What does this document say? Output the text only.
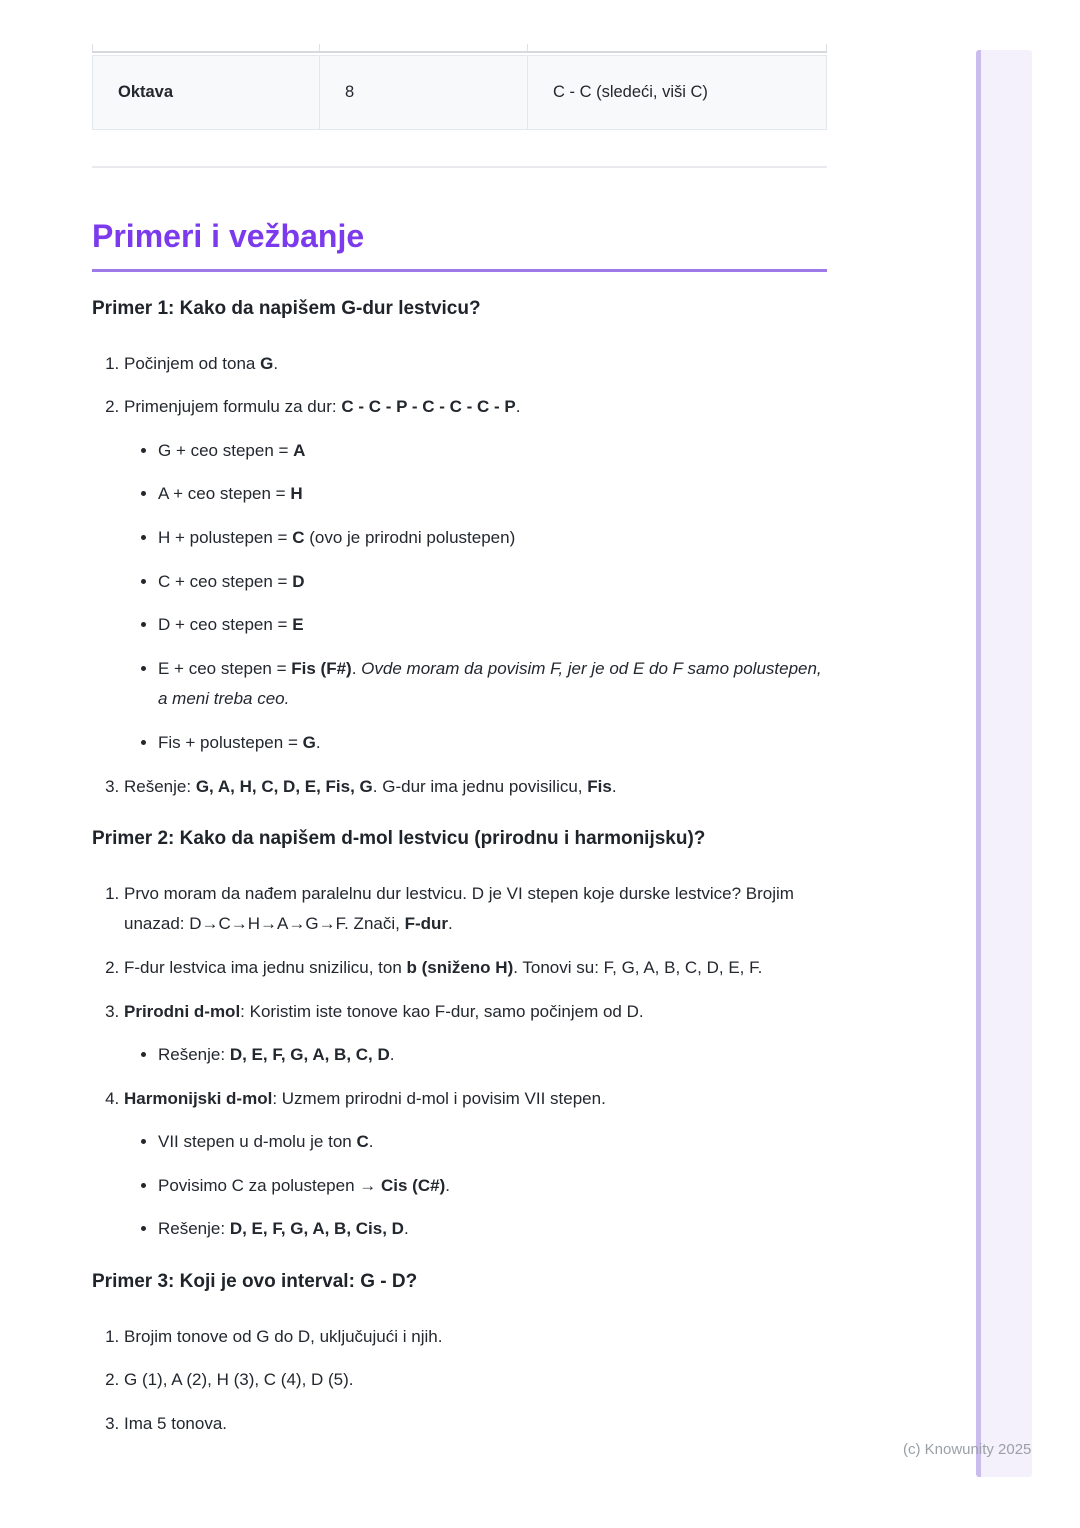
Oktava	8	C - C (sledeći, viši C)
Primeri i vežbanje
Primer 1: Kako da napišem G-dur lestvicu?
1. Počinjem od tona G.
2. Primenjujem formulu za dur: C - C - P - C - C - C - P.
• G + ceo stepen = A
• A + ceo stepen = H
• H + polustepen = C (ovo je prirodni polustepen)
• C + ceo stepen = D
• D + ceo stepen = E
• E + ceo stepen = Fis (F#). Ovde moram da povisim F, jer je od E do F samo polustepen, a meni treba ceo.
• Fis + polustepen = G.
3. Rešenje: G, A, H, C, D, E, Fis, G. G-dur ima jednu povisilicu, Fis.
Primer 2: Kako da napišem d-mol lestvicu (prirodnu i harmonijsku)?
1. Prvo moram da nađem paralelnu dur lestvicu. D je VI stepen koje durske lestvice? Brojim unazad: D→C→H→A→G→F. Znači, F-dur.
2. F-dur lestvica ima jednu snizilicu, ton b (sniženo H). Tonovi su: F, G, A, B, C, D, E, F.
3. Prirodni d-mol: Koristim iste tonove kao F-dur, samo počinjem od D.
• Rešenje: D, E, F, G, A, B, C, D.
4. Harmonijski d-mol: Uzmem prirodni d-mol i povisim VII stepen.
• VII stepen u d-molu je ton C.
• Povisimo C za polustepen → Cis (C#).
• Rešenje: D, E, F, G, A, B, Cis, D.
Primer 3: Koji je ovo interval: G - D?
1. Brojim tonove od G do D, uključujući i njih.
2. G (1), A (2), H (3), C (4), D (5).
3. Ima 5 tonova.
(c) Knowunity 2025
